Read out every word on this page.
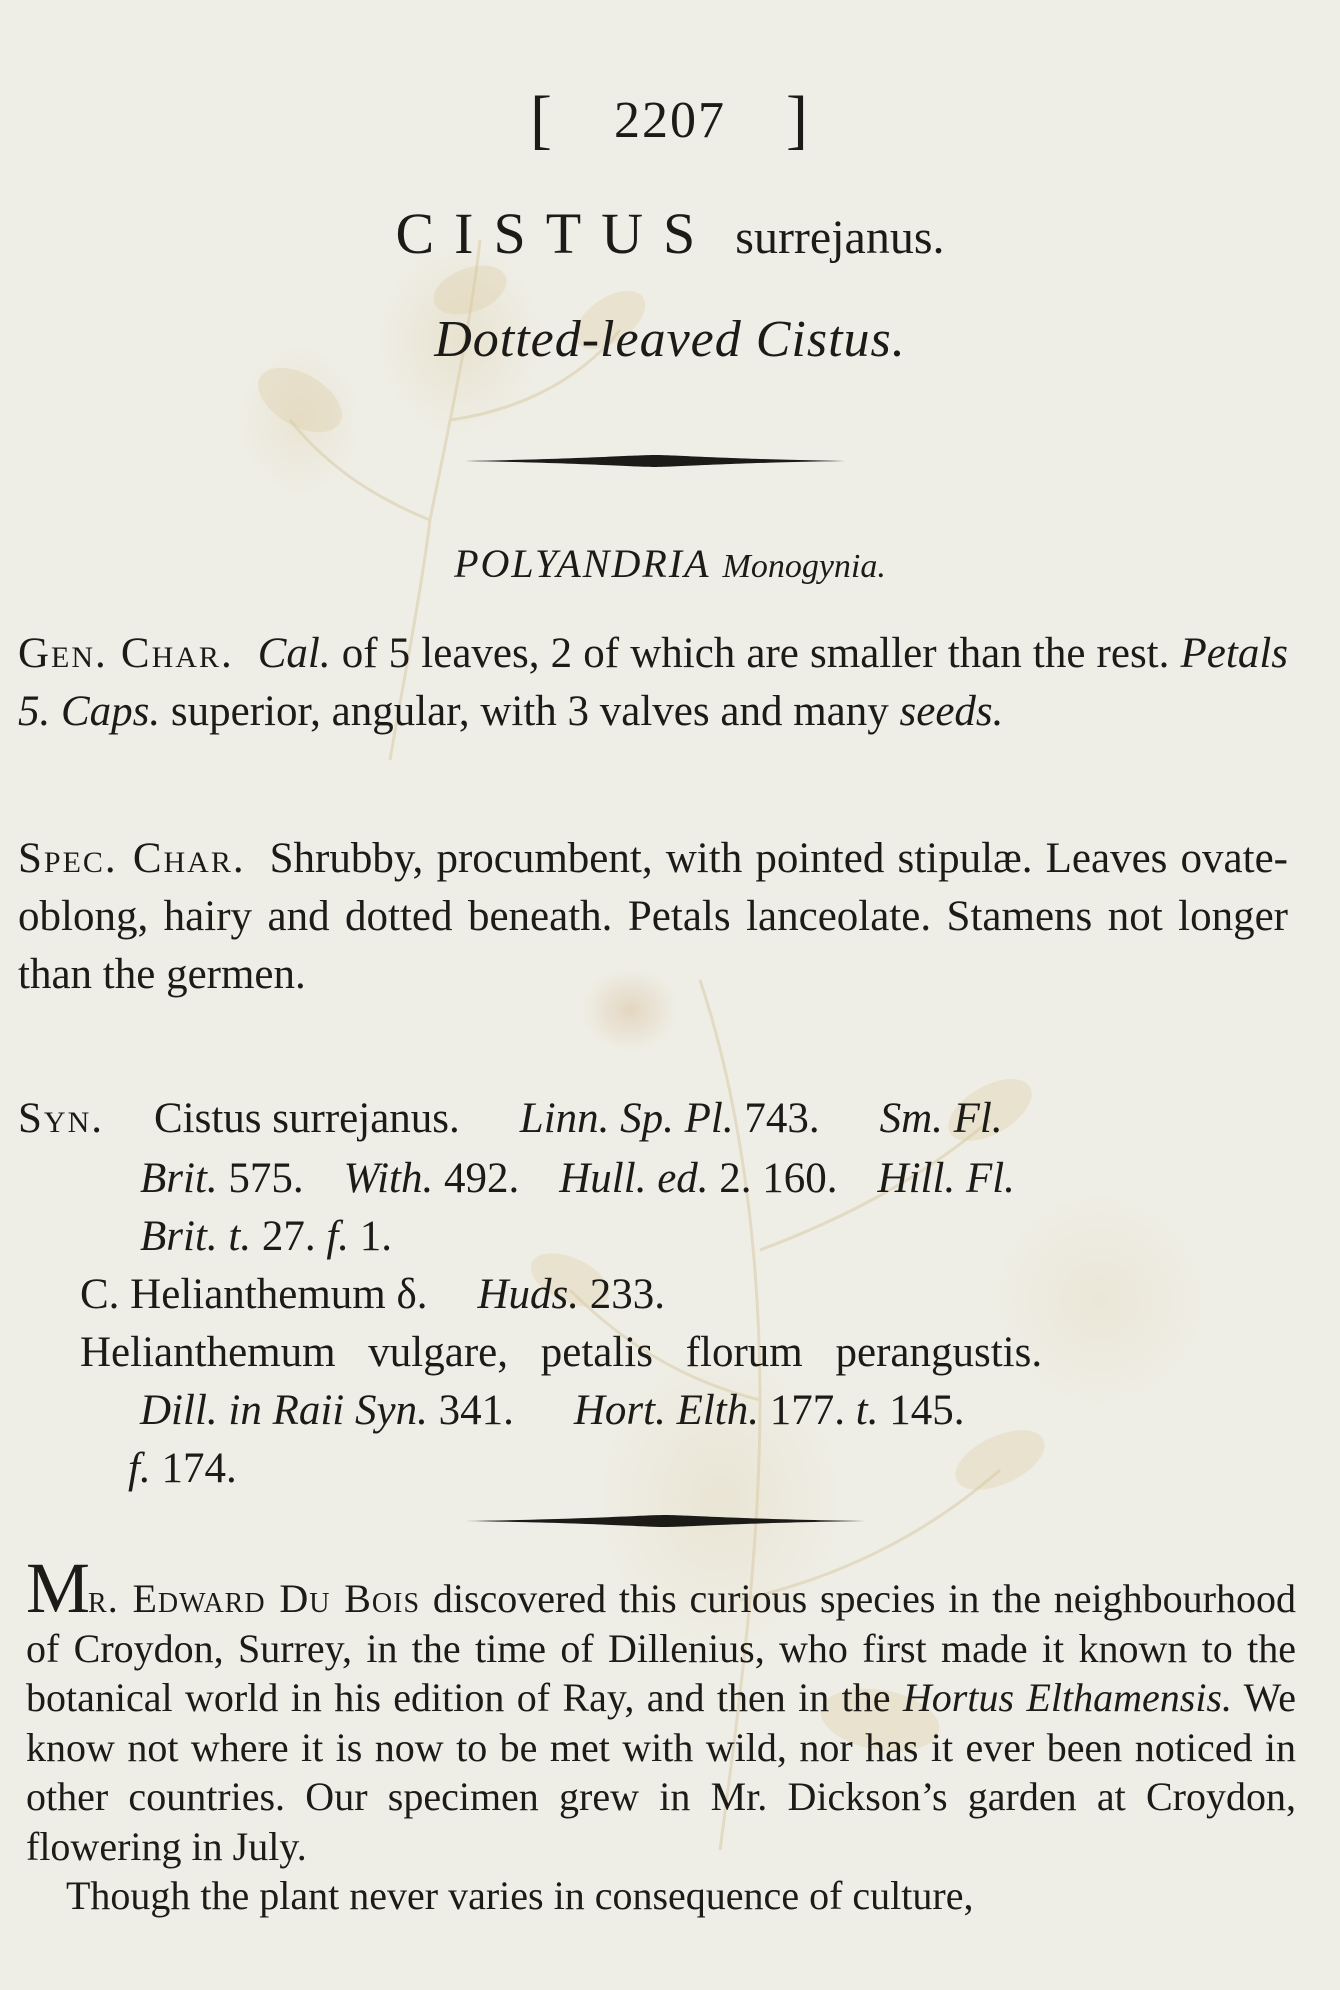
[ 2207 ]
CISTUS surrejanus.
Dotted-leaved Cistus.
POLYANDRIA Monogynia.
Gen. Char. Cal. of 5 leaves, 2 of which are smaller than the rest. Petals 5. Caps. superior, angular, with 3 valves and many seeds.
Spec. Char. Shrubby, procumbent, with pointed stipulæ. Leaves ovate-oblong, hairy and dotted beneath. Petals lanceolate. Stamens not longer than the germen.
Syn. Cistus surrejanus. Linn. Sp. Pl. 743. Sm. Fl.
Brit. 575. With. 492. Hull. ed. 2. 160. Hill. Fl.
Brit. t. 27. f. 1.
C. Helianthemum δ. Huds. 233.
Helianthemum vulgare, petalis florum perangustis.
Dill. in Raii Syn. 341. Hort. Elth. 177. t. 145.
f. 174.
Mr. Edward Du Bois discovered this curious species in the neighbourhood of Croydon, Surrey, in the time of Dillenius, who first made it known to the botanical world in his edition of Ray, and then in the Hortus Elthamensis. We know not where it is now to be met with wild, nor has it ever been noticed in other countries. Our specimen grew in Mr. Dickson’s garden at Croydon, flowering in July.
Though the plant never varies in consequence of culture,
